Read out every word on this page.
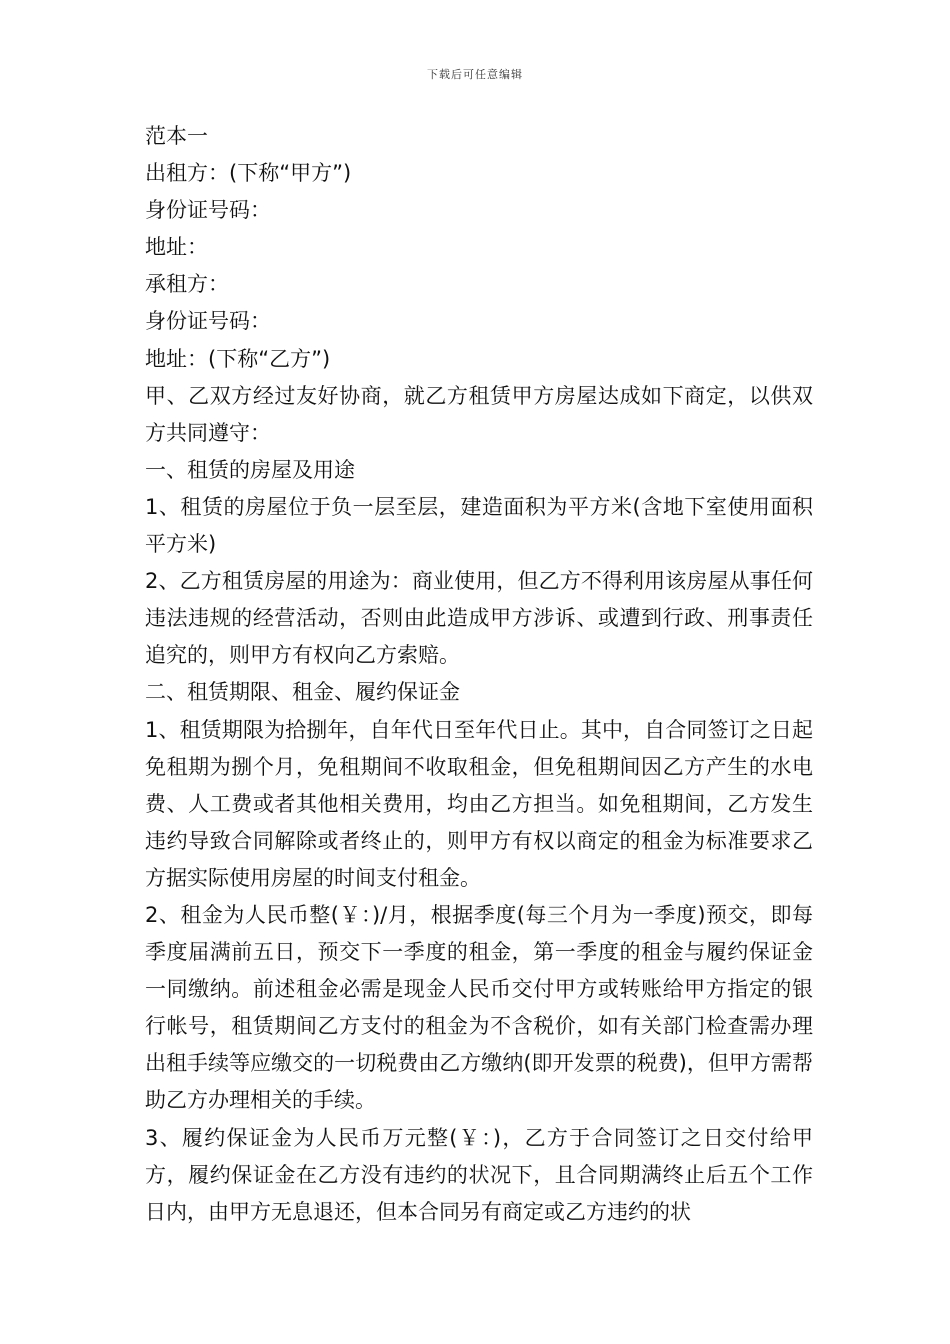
下载后可任意编辑

范本一

出租方：(下称“甲方”)

身份证号码：

地址：

承租方：

身份证号码：

地址：(下称“乙方”)

甲、乙双方经过友好协商，就乙方租赁甲方房屋达成如下商定，以供双方共同遵守：

一、租赁的房屋及用途

1、租赁的房屋位于负一层至层，建造面积为平方米(含地下室使用面积平方米)

2、乙方租赁房屋的用途为：商业使用，但乙方不得利用该房屋从事任何违法违规的经营活动，否则由此造成甲方涉诉、或遭到行政、刑事责任追究的，则甲方有权向乙方索赔。

二、租赁期限、租金、履约保证金

1、租赁期限为拾捌年，自年代日至年代日止。其中，自合同签订之日起免租期为捌个月，免租期间不收取租金，但免租期间因乙方产生的水电费、人工费或者其他相关费用，均由乙方担当。如免租期间，乙方发生违约导致合同解除或者终止的，则甲方有权以商定的租金为标准要求乙方据实际使用房屋的时间支付租金。

2、租金为人民币整(￥：)/月，根据季度(每三个月为一季度)预交，即每季度届满前五日，预交下一季度的租金，第一季度的租金与履约保证金一同缴纳。前述租金必需是现金人民币交付甲方或转账给甲方指定的银行帐号，租赁期间乙方支付的租金为不含税价，如有关部门检查需办理出租手续等应缴交的一切税费由乙方缴纳(即开发票的税费)，但甲方需帮助乙方办理相关的手续。

3、履约保证金为人民币万元整(￥：)，乙方于合同签订之日交付给甲方，履约保证金在乙方没有违约的状况下，且合同期满终止后五个工作日内，由甲方无息退还，但本合同另有商定或乙方违约的状
